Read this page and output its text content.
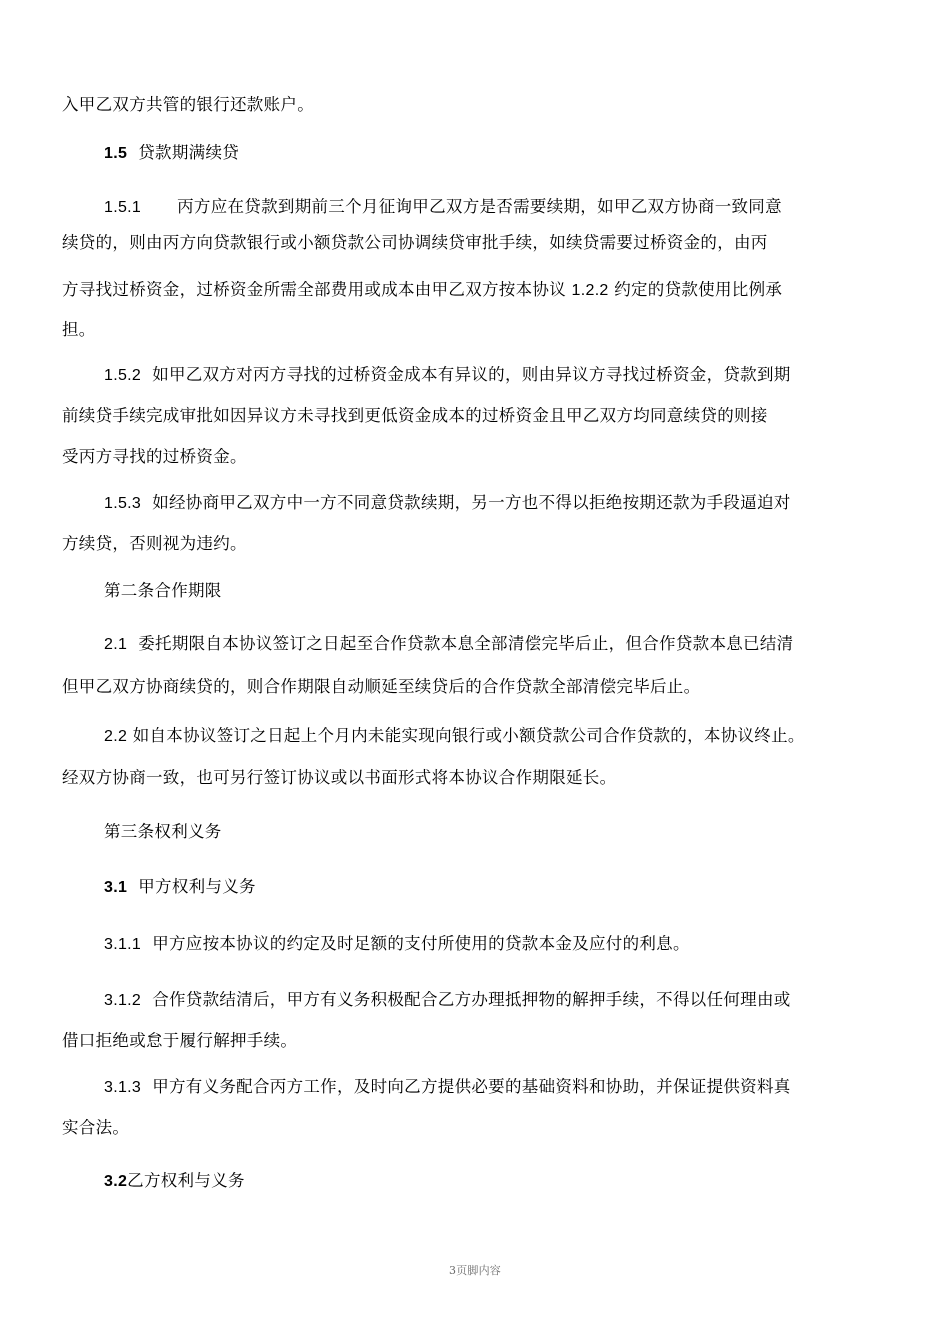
入甲乙双方共管的银行还款账户。
1.5 贷款期满续贷
1.5.1 丙方应在贷款到期前三个月征询甲乙双方是否需要续期，如甲乙双方协商一致同意
续贷的，则由丙方向贷款银行或小额贷款公司协调续贷审批手续，如续贷需要过桥资金的，由丙
方寻找过桥资金，过桥资金所需全部费用或成本由甲乙双方按本协议 1.2.2 约定的贷款使用比例承
担。
1.5.2 如甲乙双方对丙方寻找的过桥资金成本有异议的，则由异议方寻找过桥资金，贷款到期
前续贷手续完成审批如因异议方未寻找到更低资金成本的过桥资金且甲乙双方均同意续贷的则接
受丙方寻找的过桥资金。
1.5.3 如经协商甲乙双方中一方不同意贷款续期，另一方也不得以拒绝按期还款为手段逼迫对
方续贷，否则视为违约。
第二条合作期限
2.1 委托期限自本协议签订之日起至合作贷款本息全部清偿完毕后止，但合作贷款本息已结清
但甲乙双方协商续贷的，则合作期限自动顺延至续贷后的合作贷款全部清偿完毕后止。
2.2 如自本协议签订之日起上个月内未能实现向银行或小额贷款公司合作贷款的，本协议终止。
经双方协商一致，也可另行签订协议或以书面形式将本协议合作期限延长。
第三条权利义务
3.1 甲方权利与义务
3.1.1 甲方应按本协议的约定及时足额的支付所使用的贷款本金及应付的利息。
3.1.2 合作贷款结清后，甲方有义务积极配合乙方办理抵押物的解押手续，不得以任何理由或
借口拒绝或怠于履行解押手续。
3.1.3 甲方有义务配合丙方工作，及时向乙方提供必要的基础资料和协助，并保证提供资料真
实合法。
3.2乙方权利与义务
3页脚内容
